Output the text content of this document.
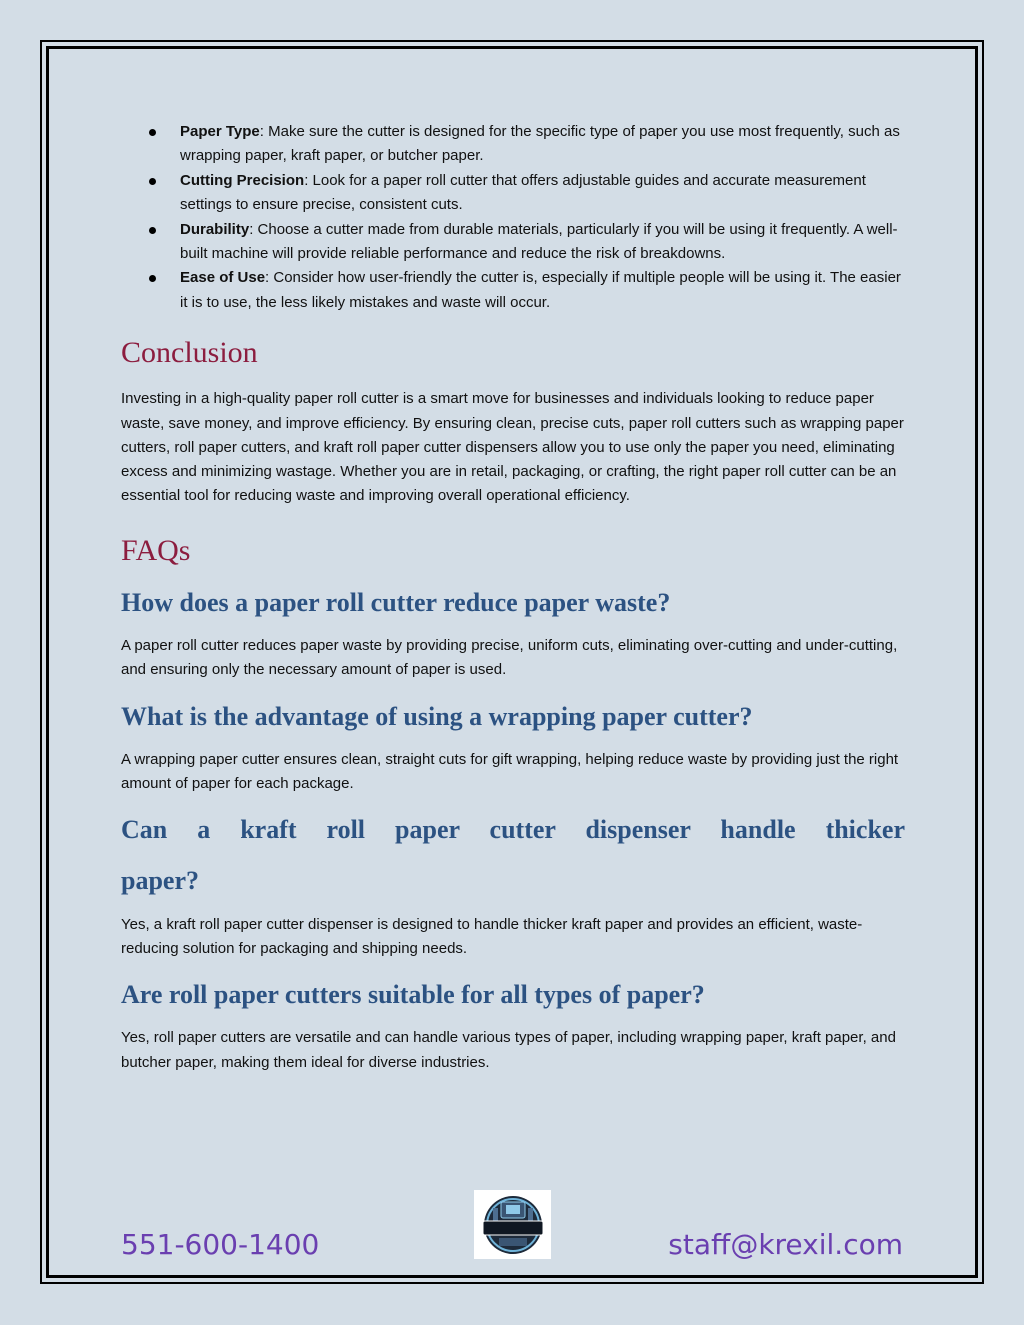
Paper Type: Make sure the cutter is designed for the specific type of paper you use most frequently, such as wrapping paper, kraft paper, or butcher paper.
Cutting Precision: Look for a paper roll cutter that offers adjustable guides and accurate measurement settings to ensure precise, consistent cuts.
Durability: Choose a cutter made from durable materials, particularly if you will be using it frequently. A well-built machine will provide reliable performance and reduce the risk of breakdowns.
Ease of Use: Consider how user-friendly the cutter is, especially if multiple people will be using it. The easier it is to use, the less likely mistakes and waste will occur.
Conclusion

Investing in a high-quality paper roll cutter is a smart move for businesses and individuals looking to reduce paper waste, save money, and improve efficiency. By ensuring clean, precise cuts, paper roll cutters such as wrapping paper cutters, roll paper cutters, and kraft roll paper cutter dispensers allow you to use only the paper you need, eliminating excess and minimizing wastage. Whether you are in retail, packaging, or crafting, the right paper roll cutter can be an essential tool for reducing waste and improving overall operational efficiency.

FAQs
How does a paper roll cutter reduce paper waste?

A paper roll cutter reduces paper waste by providing precise, uniform cuts, eliminating over-cutting and under-cutting, and ensuring only the necessary amount of paper is used.

What is the advantage of using a wrapping paper cutter?

A wrapping paper cutter ensures clean, straight cuts for gift wrapping, helping reduce waste by providing just the right amount of paper for each package.

Can a kraft roll paper cutter dispenser handle thicker
paper?

Yes, a kraft roll paper cutter dispenser is designed to handle thicker kraft paper and provides an efficient, waste-reducing solution for packaging and shipping needs.

Are roll paper cutters suitable for all types of paper?

Yes, roll paper cutters are versatile and can handle various types of paper, including wrapping paper, kraft paper, and butcher paper, making them ideal for diverse industries.

551-600-1400	staff@krexil.com
